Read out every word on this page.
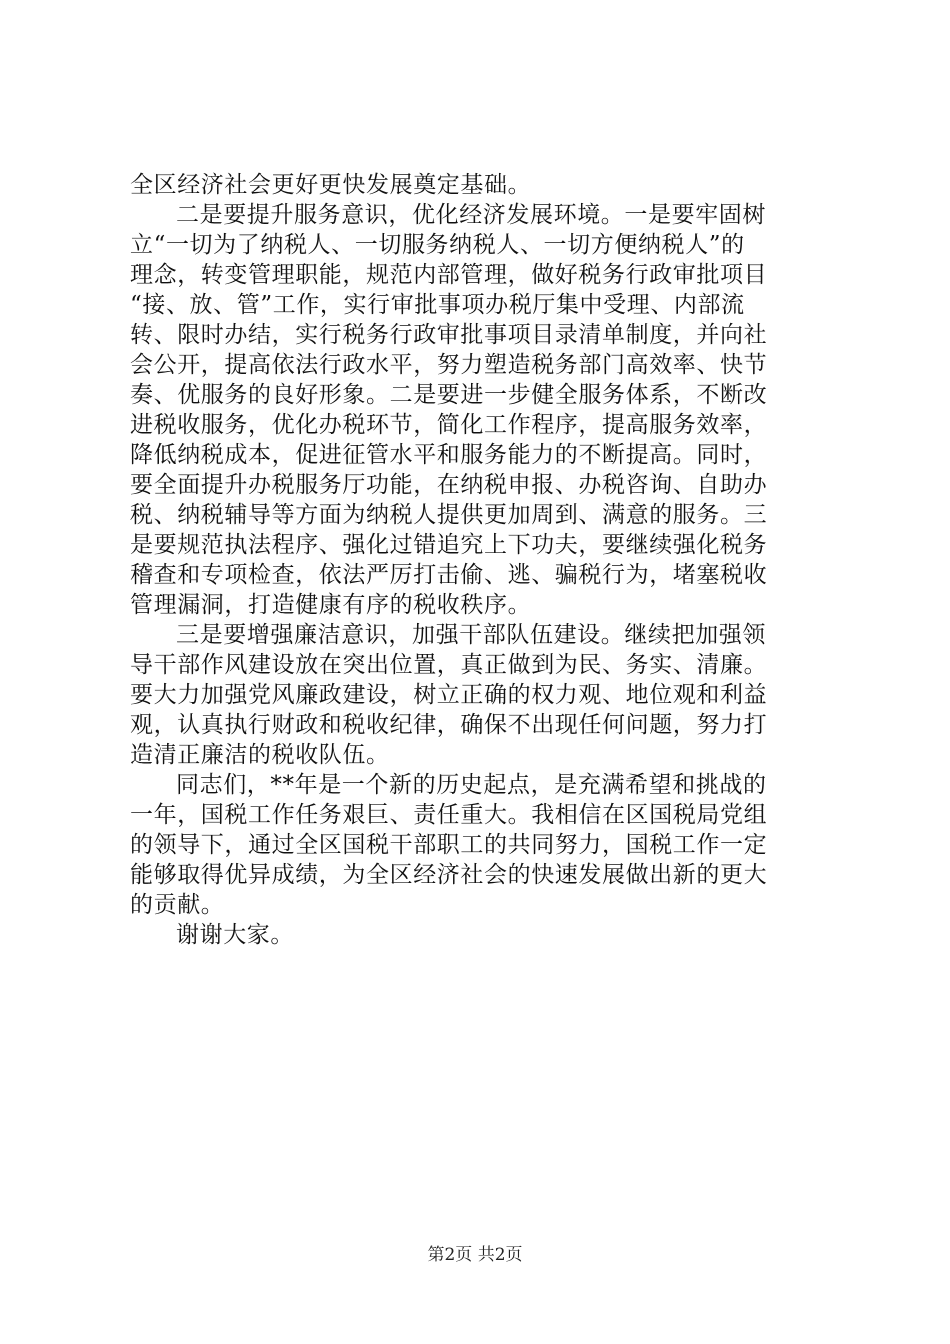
全区经济社会更好更快发展奠定基础。
二是要提升服务意识，优化经济发展环境。一是要牢固树
立“一切为了纳税人、一切服务纳税人、一切方便纳税人”的
理念，转变管理职能，规范内部管理，做好税务行政审批项目
“接、放、管”工作，实行审批事项办税厅集中受理、内部流
转、限时办结，实行税务行政审批事项目录清单制度，并向社
会公开，提高依法行政水平，努力塑造税务部门高效率、快节
奏、优服务的良好形象。二是要进一步健全服务体系，不断改
进税收服务，优化办税环节，简化工作程序，提高服务效率，
降低纳税成本，促进征管水平和服务能力的不断提高。同时，
要全面提升办税服务厅功能，在纳税申报、办税咨询、自助办
税、纳税辅导等方面为纳税人提供更加周到、满意的服务。三
是要规范执法程序、强化过错追究上下功夫，要继续强化税务
稽查和专项检查，依法严厉打击偷、逃、骗税行为，堵塞税收
管理漏洞，打造健康有序的税收秩序。
三是要增强廉洁意识，加强干部队伍建设。继续把加强领
导干部作风建设放在突出位置，真正做到为民、务实、清廉。
要大力加强党风廉政建设，树立正确的权力观、地位观和利益
观，认真执行财政和税收纪律，确保不出现任何问题，努力打
造清正廉洁的税收队伍。
同志们，**年是一个新的历史起点，是充满希望和挑战的
一年，国税工作任务艰巨、责任重大。我相信在区国税局党组
的领导下，通过全区国税干部职工的共同努力，国税工作一定
能够取得优异成绩，为全区经济社会的快速发展做出新的更大
的贡献。
谢谢大家。
第2页 共2页
